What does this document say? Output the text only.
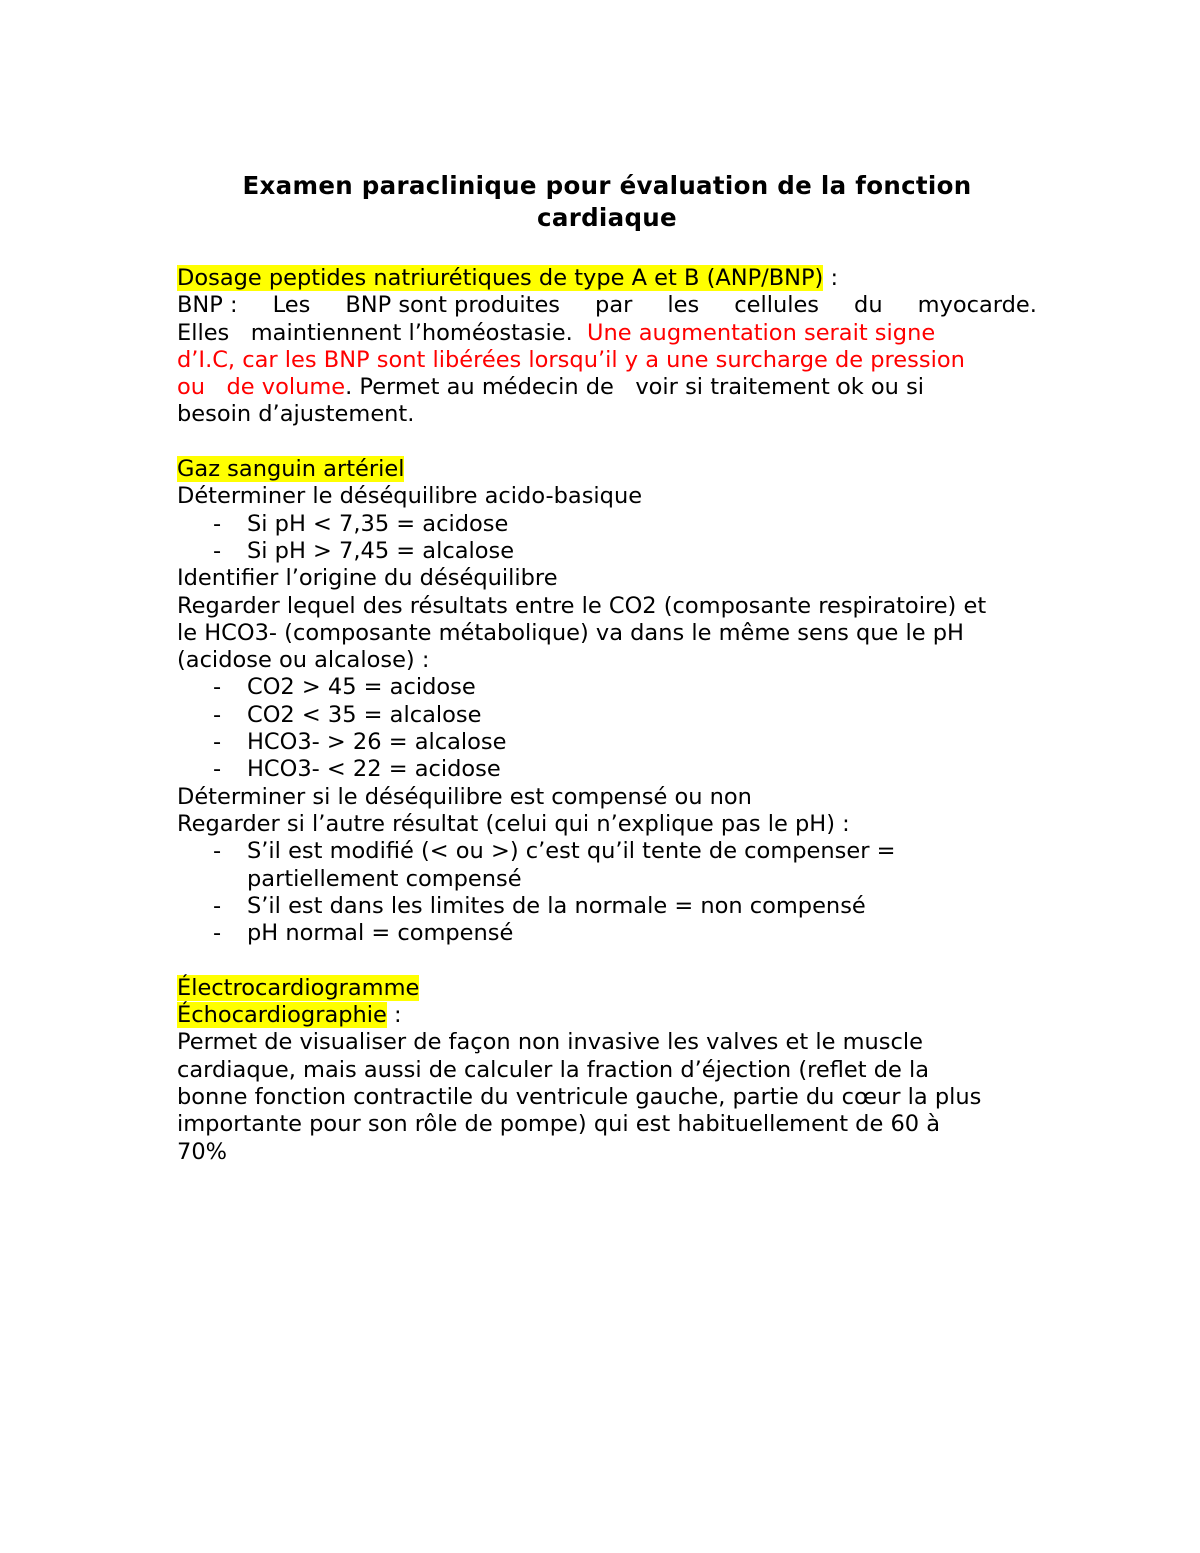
Examen paraclinique pour évaluation de la fonction
cardiaque
Dosage peptides natriurétiques de type A et B (ANP/BNP) :
BNP : Les BNP sont produites par les cellules du myocarde.
Elles   maintiennent l’homéostasie.  Une augmentation serait signe
d’I.C, car les BNP sont libérées lorsqu’il y a une surcharge de pression
ou   de volume. Permet au médecin de   voir si traitement ok ou si
besoin d’ajustement.
Gaz sanguin artériel
Déterminer le déséquilibre acido-basique
- Si pH < 7,35 = acidose
- Si pH > 7,45 = alcalose
Identifier l’origine du déséquilibre
Regarder lequel des résultats entre le CO2 (composante respiratoire) et
le HCO3- (composante métabolique) va dans le même sens que le pH
(acidose ou alcalose) :
- CO2 > 45 = acidose
- CO2 < 35 = alcalose
- HCO3- > 26 = alcalose
- HCO3- < 22 = acidose
Déterminer si le déséquilibre est compensé ou non
Regarder si l’autre résultat (celui qui n’explique pas le pH) :
- S’il est modifié (< ou >) c’est qu’il tente de compenser =
partiellement compensé
- S’il est dans les limites de la normale = non compensé
- pH normal = compensé
Électrocardiogramme
Échocardiographie :
Permet de visualiser de façon non invasive les valves et le muscle
cardiaque, mais aussi de calculer la fraction d’éjection (reflet de la
bonne fonction contractile du ventricule gauche, partie du cœur la plus
importante pour son rôle de pompe) qui est habituellement de 60 à
70%
